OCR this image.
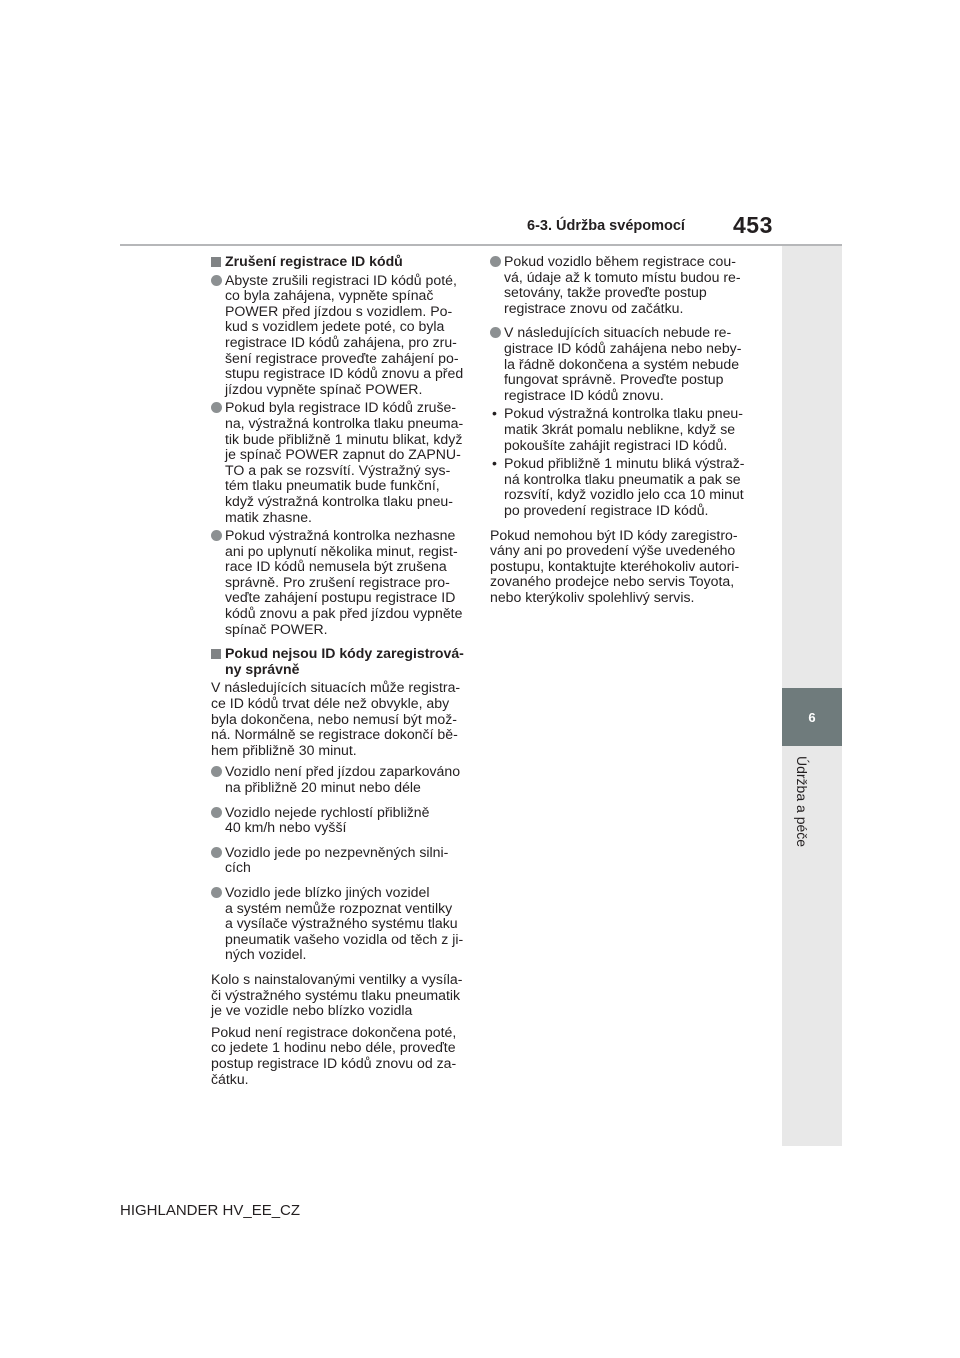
6-3. Údržba svépomocí 453
6
Údržba a péče
Zrušení registrace ID kódů
Abyste zrušili registraci ID kódů poté,
co byla zahájena, vypněte spínač
POWER před jízdou s vozidlem. Po-
kud s vozidlem jedete poté, co byla
registrace ID kódů zahájena, pro zru-
šení registrace proveďte zahájení po-
stupu registrace ID kódů znovu a před
jízdou vypněte spínač POWER.
Pokud byla registrace ID kódů zruše-
na, výstražná kontrolka tlaku pneuma-
tik bude přibližně 1 minutu blikat, když
je spínač POWER zapnut do ZAPNU-
TO a pak se rozsvítí. Výstražný sys-
tém tlaku pneumatik bude funkční,
když výstražná kontrolka tlaku pneu-
matik zhasne.
Pokud výstražná kontrolka nezhasne
ani po uplynutí několika minut, regist-
race ID kódů nemusela být zrušena
správně. Pro zrušení registrace pro-
veďte zahájení postupu registrace ID
kódů znovu a pak před jízdou vypněte
spínač POWER.
Pokud nejsou ID kódy zaregistrová-
ny správně
V následujících situacích může registra-
ce ID kódů trvat déle než obvykle, aby
byla dokončena, nebo nemusí být mož-
ná. Normálně se registrace dokončí bě-
hem přibližně 30 minut.
Vozidlo není před jízdou zaparkováno
na přibližně 20 minut nebo déle
Vozidlo nejede rychlostí přibližně
40 km/h nebo vyšší
Vozidlo jede po nezpevněných silni-
cích
Vozidlo jede blízko jiných vozidel
a systém nemůže rozpoznat ventilky
a vysílače výstražného systému tlaku
pneumatik vašeho vozidla od těch z ji-
ných vozidel.
Kolo s nainstalovanými ventilky a vysíla-
či výstražného systému tlaku pneumatik
je ve vozidle nebo blízko vozidla
Pokud není registrace dokončena poté,
co jedete 1 hodinu nebo déle, proveďte
postup registrace ID kódů znovu od za-
čátku.
Pokud vozidlo během registrace cou-
vá, údaje až k tomuto místu budou re-
setovány, takže proveďte postup
registrace znovu od začátku.
V následujících situacích nebude re-
gistrace ID kódů zahájena nebo neby-
la řádně dokončena a systém nebude
fungovat správně. Proveďte postup
registrace ID kódů znovu.
• Pokud výstražná kontrolka tlaku pneu-
matik 3krát pomalu neblikne, když se
pokoušíte zahájit registraci ID kódů.
• Pokud přibližně 1 minutu bliká výstraž-
ná kontrolka tlaku pneumatik a pak se
rozsvítí, když vozidlo jelo cca 10 minut
po provedení registrace ID kódů.
Pokud nemohou být ID kódy zaregistro-
vány ani po provedení výše uvedeného
postupu, kontaktujte kteréhokoliv autori-
zovaného prodejce nebo servis Toyota,
nebo kterýkoliv spolehlivý servis.
HIGHLANDER HV_EE_CZ
